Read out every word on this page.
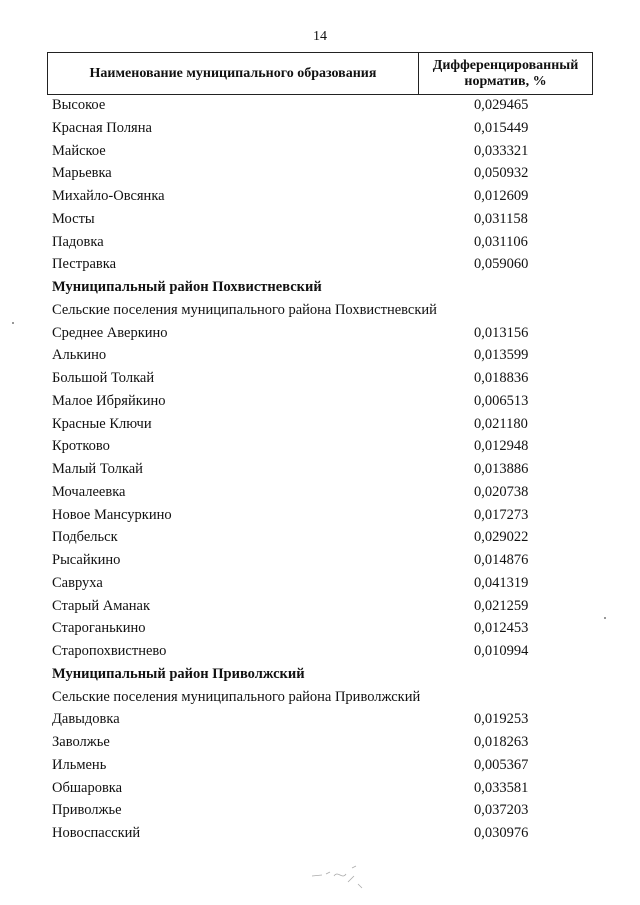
14
Наименование муниципального образования
Дифференцированный
норматив, %
Высокое	0,029465
Красная Поляна	0,015449
Майское	0,033321
Марьевка	0,050932
Михайло-Овсянка	0,012609
Мосты	0,031158
Падовка	0,031106
Пестравка	0,059060
Муниципальный район Похвистневский
Сельские поселения муниципального района Похвистневский
Среднее Аверкино	0,013156
Алькино	0,013599
Большой Толкай	0,018836
Малое Ибряйкино	0,006513
Красные Ключи	0,021180
Кротково	0,012948
Малый Толкай	0,013886
Мочалеевка	0,020738
Новое Мансуркино	0,017273
Подбельск	0,029022
Рысайкино	0,014876
Савруха	0,041319
Старый Аманак	0,021259
Староганькино	0,012453
Старопохвистнево	0,010994
Муниципальный район Приволжский
Сельские поселения муниципального района Приволжский
Давыдовка	0,019253
Заволжье	0,018263
Ильмень	0,005367
Обшаровка	0,033581
Приволжье	0,037203
Новоспасский	0,030976
